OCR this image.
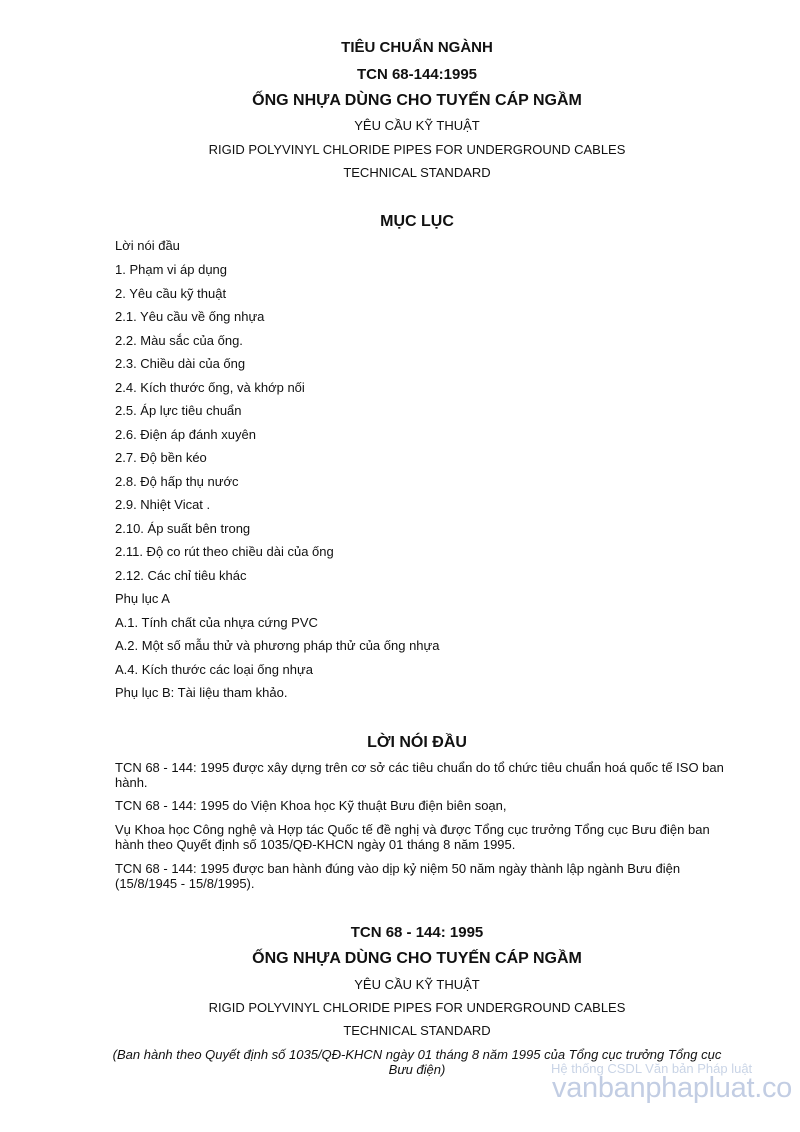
TIÊU CHUẨN NGÀNH
TCN 68-144:1995
ỐNG NHỰA DÙNG CHO TUYẾN CÁP NGẦM
YÊU CẦU KỸ THUẬT
RIGID POLYVINYL CHLORIDE PIPES FOR UNDERGROUND CABLES
TECHNICAL STANDARD
MỤC LỤC
Lời nói đầu
1. Phạm vi áp dụng
2. Yêu cầu kỹ thuật
2.1. Yêu cầu về ống nhựa
2.2. Màu sắc của ống.
2.3. Chiều dài của ống
2.4. Kích thước ống, và khớp nối
2.5. Áp lực tiêu chuẩn
2.6. Điện áp đánh xuyên
2.7. Độ bền kéo
2.8. Độ hấp thụ nước
2.9. Nhiệt Vicat .
2.10. Áp suất bên trong
2.11. Độ co rút theo chiều dài của ống
2.12. Các chỉ tiêu khác
Phụ lục A
A.1. Tính chất của nhựa cứng PVC
A.2. Một số mẫu thử và phương pháp thử của ống nhựa
A.4. Kích thước các loại ống nhựa
Phụ lục B: Tài liệu tham khảo.
LỜI NÓI ĐẦU
TCN 68 - 144: 1995 được xây dựng trên cơ sở các tiêu chuẩn do tổ chức tiêu chuẩn hoá quốc tế ISO ban hành.
TCN 68 - 144: 1995 do Viện Khoa học Kỹ thuật Bưu điện biên soạn,
Vụ Khoa học Công nghệ và Hợp tác Quốc tế đề nghị và được Tổng cục trưởng Tổng cục Bưu điện ban hành theo Quyết định số 1035/QĐ-KHCN ngày 01 tháng 8 năm 1995.
TCN 68 - 144: 1995 được ban hành đúng vào dịp kỷ niệm 50 năm ngày thành lập ngành Bưu điện (15/8/1945 - 15/8/1995).
TCN 68 - 144: 1995
ỐNG NHỰA DÙNG CHO TUYẾN CÁP NGẦM
YÊU CẦU KỸ THUẬT
RIGID POLYVINYL CHLORIDE PIPES FOR UNDERGROUND CABLES
TECHNICAL STANDARD
(Ban hành theo Quyết định số 1035/QĐ-KHCN ngày 01 tháng 8 năm 1995 của Tổng cục trưởng Tổng cục Bưu điện)	Hệ thống CSDL Văn bản Pháp luật
vanbanphapluat.co
